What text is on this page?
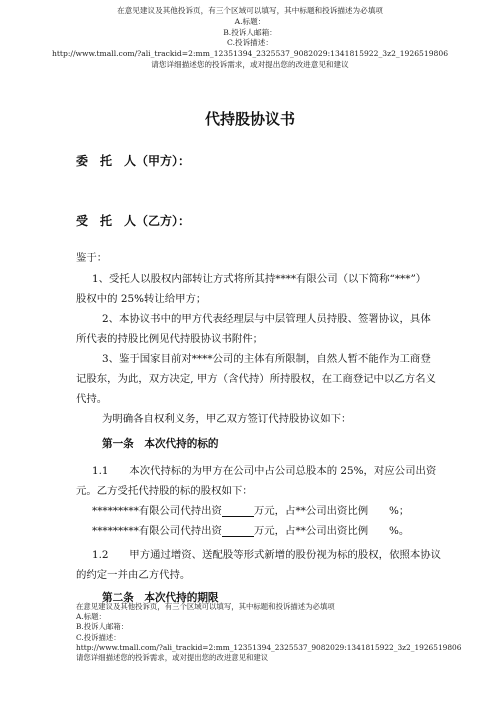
在意见建议及其他投诉页，有三个区域可以填写，其中标题和投诉描述为必填项
A.标题：
B.投诉人邮箱：
C.投诉描述：
http://www.tmall.com/?ali_trackid=2:mm_12351394_2325537_9082029:1341815922_3z2_1926519806
请您详细描述您的投诉需求，或对提出您的改进意见和建议
代持股协议书
委　托　人（甲方）：
受　托　人（乙方）：
鉴于：
1、受托人以股权内部转让方式将所其持****有限公司（以下简称“***”）
股权中的 25%转让给甲方；
2、本协议书中的甲方代表经理层与中层管理人员持股、签署协议，具体
所代表的持股比例见代持股协议书附件；
3、鉴于国家目前对****公司的主体有所限制，自然人暂不能作为工商登
记股东，为此，双方决定, 甲方（含代持）所持股权，在工商登记中以乙方名义
代持。
为明确各自权利义务，甲乙双方签订代持股协议如下：
第一条　本次代持的标的
1.1　　本次代持标的为甲方在公司中占公司总股本的 25%，对应公司出资
元。乙方受托代持股的标的股权如下：
*********有限公司代持出资	万元，占**公司出资比例　　%；
*********有限公司代持出资	万元，占**公司出资比例　　%。
1.2　　甲方通过增资、送配股等形式新增的股份视为标的股权，依照本协议
的约定一并由乙方代持。
第二条　本次代持的期限
在意见建议及其他投诉页，有三个区域可以填写，其中标题和投诉描述为必填项
A.标题：
B.投诉人邮箱：
C.投诉描述：
http://www.tmall.com/?ali_trackid=2:mm_12351394_2325537_9082029:1341815922_3z2_1926519806
请您详细描述您的投诉需求，或对提出您的改进意见和建议
